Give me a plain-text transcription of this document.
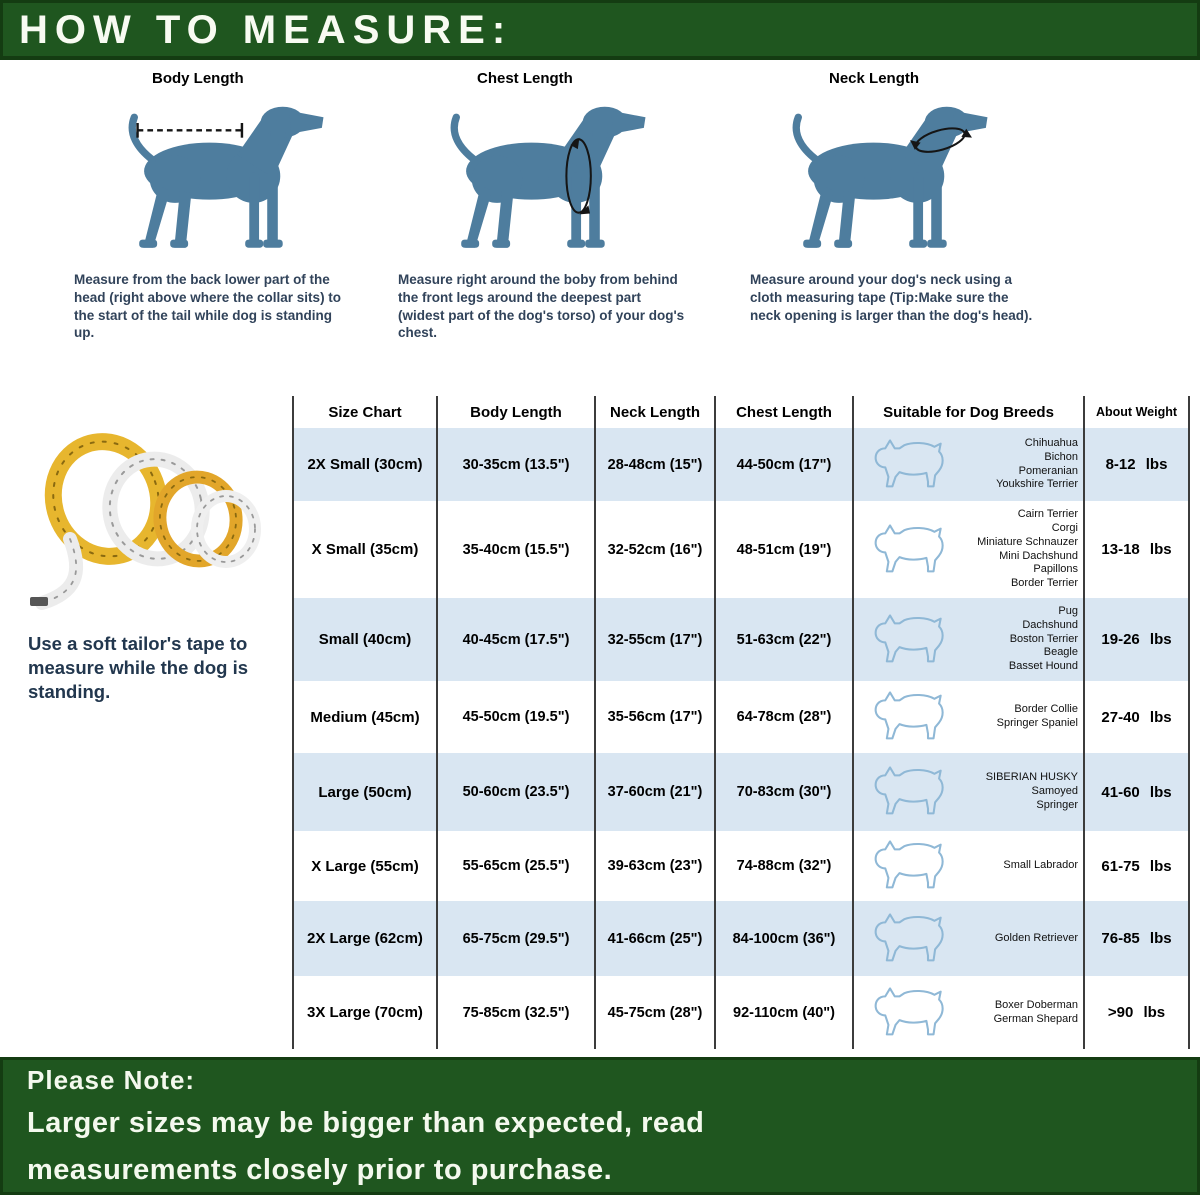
HOW TO MEASURE:
Body Length
Measure from the back lower part of the head (right above where the collar sits) to the start of the tail while dog is standing up.
Chest Length
Measure right around the boby from behind the front legs around the deepest part (widest part of the dog's torso) of your dog's chest.
Neck Length
Measure around your dog's neck using a cloth measuring tape (Tip:Make sure the neck opening is larger than the dog's head).
Use a soft tailor's tape to measure while the dog is standing.
Size Chart	Body Length	Neck Length	Chest Length	Suitable for Dog Breeds	About Weight
2X Small (30cm)	30-35cm (13.5")	28-48cm (15")	44-50cm (17")	Chihuahua
Bichon
Pomeranian
Youkshire Terrier	8-12 lbs
X Small (35cm)	35-40cm (15.5")	32-52cm (16")	48-51cm (19")	
Cairn Terrier
Corgi
Miniature Schnauzer
Mini Dachshund
Papillons
Border Terrier
	13-18 lbs
Small (40cm)	40-45cm (17.5")	32-55cm (17")	51-63cm (22")	Pug
Dachshund
Boston Terrier
Beagle
Basset Hound	19-26 lbs
Medium (45cm)	45-50cm (19.5")	35-56cm (17")	64-78cm (28")	Border Collie
Springer Spaniel	27-40 lbs
Large (50cm)	50-60cm (23.5")	37-60cm (21")	70-83cm (30")	SIBERIAN HUSKY
Samoyed
Springer	41-60 lbs
X Large (55cm)	55-65cm (25.5")	39-63cm (23")	74-88cm (32")	Small Labrador	61-75 lbs
2X Large (62cm)	65-75cm (29.5")	41-66cm (25")	84-100cm (36")	Golden Retriever	76-85 lbs
3X Large (70cm)	75-85cm (32.5")	45-75cm (28")	92-110cm (40")	Boxer Doberman
German Shepard	>90 lbs
Please Note:
Larger sizes may be bigger than expected, read measurements closely prior to purchase.
